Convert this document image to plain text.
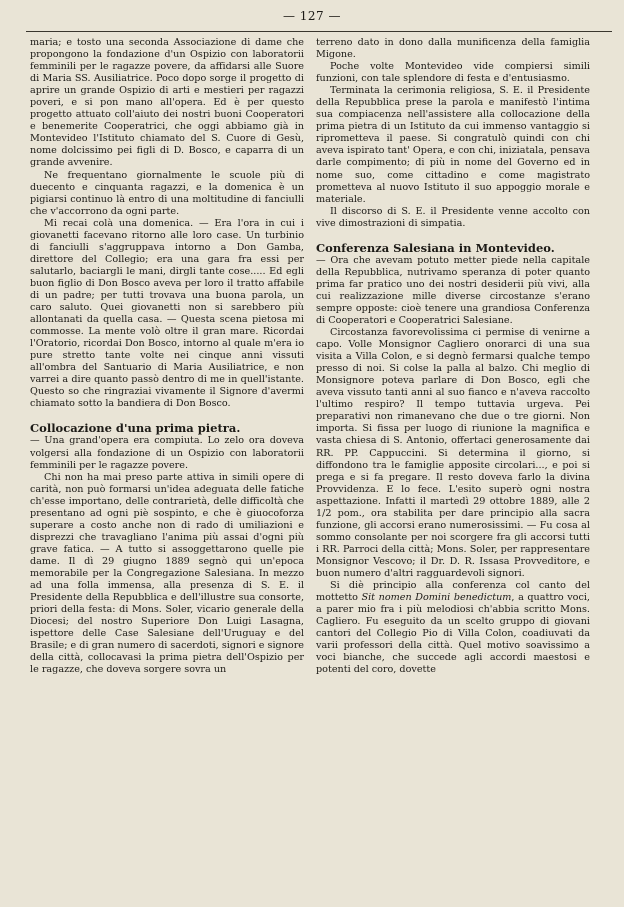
— 127 —

maria; e tosto una seconda Associazione di dame che propongono la fondazione d'un Ospizio con laboratorii femminili per le ragazze povere, da affidarsi alle Suore di Maria SS. Ausiliatrice. Poco dopo sorge il progetto di aprire un grande Ospizio di arti e mestieri per ragazzi poveri, e si pon mano all'opera. Ed è per questo progetto attuato coll'aiuto dei nostri buoni Cooperatori e benemerite Cooperatrici, che oggi abbiamo già in Montevideo l'Istituto chiamato del S. Cuore di Gesù, nome dolcissimo pei figli di D. Bosco, e caparra di un grande avvenire.

Ne frequentano giornalmente le scuole più di duecento e cinquanta ragazzi, e la domenica è un pigiarsi continuo là entro di una moltitudine di fanciulli che v'accorrono da ogni parte.

Mi recai colà una domenica. — Era l'ora in cui i giovanetti facevano ritorno alle loro case. Un turbinio di fanciulli s'aggruppava intorno a Don Gamba, direttore del Collegio; era una gara fra essi per salutarlo, baciargli le mani, dirgli tante cose..... Ed egli buon figlio di Don Bosco aveva per loro il tratto affabile di un padre; per tutti trovava una buona parola, un caro saluto. Quei giovanetti non si sarebbero più allontanati da quella casa. — Questa scena pietosa mi commosse. La mente volò oltre il gran mare. Ricordai l'Oratorio, ricordai Don Bosco, intorno al quale m'era io pure stretto tante volte nei cinque anni vissuti all'ombra del Santuario di Maria Ausiliatrice, e non varrei a dire quanto passò dentro di me in quell'istante. Questo so che ringraziai vivamente il Signore d'avermi chiamato sotto la bandiera di Don Bosco.

Collocazione d'una prima pietra.

— Una grand'opera era compiuta. Lo zelo ora doveva volgersi alla fondazione di un Ospizio con laboratorii femminili per le ragazze povere.

Chi non ha mai preso parte attiva in simili opere di carità, non può formarsi un'idea adeguata delle fatiche ch'esse importano, delle contrarietà, delle difficoltà che presentano ad ogni piè sospinto, e che è giuocoforza superare a costo anche non di rado di umiliazioni e disprezzi che travagliano l'anima più assai d'ogni più grave fatica. — A tutto si assoggettarono quelle pie dame. Il dì 29 giugno 1889 segnò qui un'epoca memorabile per la Congregazione Salesiana. In mezzo ad una folla immensa, alla presenza di S. E. il Presidente della Repubblica e dell'illustre sua consorte, priori della festa: di Mons. Soler, vicario generale della Diocesi; del nostro Superiore Don Luigi Lasagna, ispettore delle Case Salesiane dell'Uruguay e del Brasile; e di gran numero di sacerdoti, signori e signore della città, collocavasi la prima pietra dell'Ospizio per le ragazze, che doveva sorgere sovra un

terreno dato in dono dalla munificenza della famiglia Migone.

Poche volte Montevideo vide compiersi simili funzioni, con tale splendore di festa e d'entusiasmo.

Terminata la cerimonia religiosa, S. E. il Presidente della Repubblica prese la parola e manifestò l'intima sua compiacenza nell'assistere alla collocazione della prima pietra di un Istituto da cui immenso vantaggio si riprometteva il paese. Si congratulò quindi con chi aveva ispirato tant' Opera, e con chi, iniziatala, pensava darle compimento; di più in nome del Governo ed in nome suo, come cittadino e come magistrato prometteva al nuovo Istituto il suo appoggio morale e materiale.

Il discorso di S. E. il Presidente venne accolto con vive dimostrazioni di simpatia.

Conferenza Salesiana in Montevideo.

— Ora che avevam potuto metter piede nella capitale della Repubblica, nutrivamo speranza di poter quanto prima far pratico uno dei nostri desiderii più vivi, alla cui realizzazione mille diverse circostanze s'erano sempre opposte: cioè tenere una grandiosa Conferenza di Cooperatori e Cooperatrici Salesiane.

Circostanza favorevolissima ci permise di venirne a capo. Volle Monsignor Cagliero onorarci di una sua visita a Villa Colon, e si degnò fermarsi qualche tempo presso di noi. Si colse la palla al balzo. Chi meglio di Monsignore poteva parlare di Don Bosco, egli che aveva vissuto tanti anni al suo fianco e n'aveva raccolto l'ultimo respiro? Il tempo tuttavia urgeva. Pei preparativi non rimanevano che due o tre giorni. Non importa. Si fissa per luogo di riunione la magnifica e vasta chiesa di S. Antonio, offertaci generosamente dai RR. PP. Cappuccini. Si determina il giorno, si diffondono tra le famiglie apposite circolari..., e poi si prega e si fa pregare. Il resto doveva farlo la divina Provvidenza. E lo fece. L'esito superò ogni nostra aspettazione. Infatti il martedì 29 ottobre 1889, alle 2 1/2 pom., ora stabilita per dare principio alla sacra funzione, gli accorsi erano numerosissimi. — Fu cosa al sommo consolante per noi scorgere fra gli accorsi tutti i RR. Parroci della città; Mons. Soler, per rappresentare Monsignor Vescovo; il Dr. D. R. Issasa Provveditore, e buon numero d'altri ragguardevoli signori.

Si diè principio alla conferenza col canto del mottetto Sit nomen Domini benedictum, a quattro voci, a parer mio fra i più melodiosi ch'abbia scritto Mons. Cagliero. Fu eseguito da un scelto gruppo di giovani cantori del Collegio Pio di Villa Colon, coadiuvati da varii professori della città. Quel motivo soavissimo a voci bianche, che succede agli accordi maestosi e potenti del coro, dovette
